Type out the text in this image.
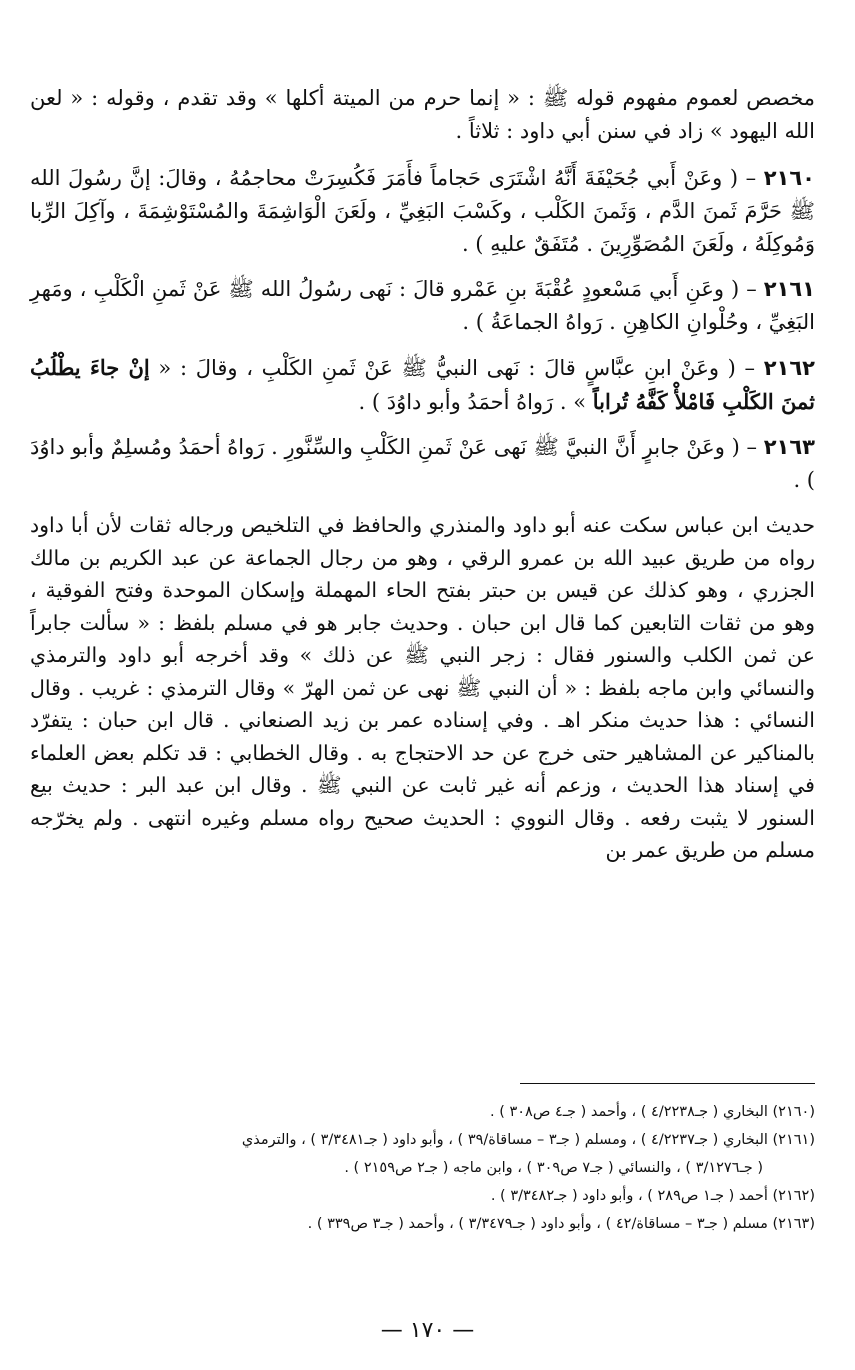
مخصص لعموم مفهوم قوله ﷺ : « إنما حرم من الميتة أكلها » وقد تقدم ، وقوله : « لعن الله اليهود » زاد في سنن أبي داود : ثلاثاً .

٢١٦٠ – ( وعَنْ أَبي جُحَيْفَةَ أَنَّهُ اشْتَرَى حَجاماً فأَمَرَ فَكُسِرَتْ محاجمُهُ ، وقالَ: إنَّ رسُولَ الله ﷺ حَرَّمَ ثَمنَ الدَّم ، وَثَمنَ الكَلْب ، وكَسْبَ البَغِيِّ ، ولَعَنَ الْوَاشِمَةَ والمُسْتَوْشِمَةَ ، وآكِلَ الرِّبا وَمُوكِلَهُ ، ولَعَنَ المُصَوِّرِينَ . مُتَفَقٌ عليهِ ) .

٢١٦١ – ( وعَنِ أَبي مَسْعودٍ عُقْبَةَ بنِ عَمْرو قالَ : نَهى رسُولُ الله ﷺ عَنْ ثَمنِ الْكَلْبِ ، ومَهرِ البَغِيِّ ، وحُلْوانِ الكاهِنِ . رَواهُ الجماعَةُ ) .

٢١٦٢ – ( وعَنْ ابنِ عبَّاسٍ قالَ : نَهى النبيُّ ﷺ عَنْ ثَمنِ الكَلْبِ ، وقالَ : « إنْ جاءَ يطْلُبُ ثمنَ الكَلْبِ فَامْلأْ كَفَّهُ تُراباً » . رَواهُ أحمَدُ وأبو داوُدَ ) .

٢١٦٣ – ( وعَنْ جابرٍ أَنَّ النبيَّ ﷺ نَهى عَنْ ثَمنِ الكَلْبِ والسِّنَّورِ . رَواهُ أحمَدُ ومُسلِمٌ وأبو داوُدَ ) .

حديث ابن عباس سكت عنه أبو داود والمنذري والحافظ في التلخيص ورجاله ثقات لأن أبا داود رواه من طريق عبيد الله بن عمرو الرقي ، وهو من رجال الجماعة عن عبد الكريم بن مالك الجزري ، وهو كذلك عن قيس بن حبتر بفتح الحاء المهملة وإسكان الموحدة وفتح الفوقية ، وهو من ثقات التابعين كما قال ابن حبان . وحديث جابر هو في مسلم بلفظ : « سألت جابراً عن ثمن الكلب والسنور فقال : زجر النبي ﷺ عن ذلك » وقد أخرجه أبو داود والترمذي والنسائي وابن ماجه بلفظ : « أن النبي ﷺ نهى عن ثمن الهرّ » وقال الترمذي : غريب . وقال النسائي : هذا حديث منكر اهـ . وفي إسناده عمر بن زيد الصنعاني . قال ابن حبان : يتفرّد بالمناكير عن المشاهير حتى خرج عن حد الاحتجاج به . وقال الخطابي : قد تكلم بعض العلماء في إسناد هذا الحديث ، وزعم أنه غير ثابت عن النبي ﷺ . وقال ابن عبد البر : حديث بيع السنور لا يثبت رفعه . وقال النووي : الحديث صحيح رواه مسلم وغيره انتهى . ولم يخرّجه مسلم من طريق عمر بن

(٢١٦٠) البخاري ( جـ٤/٢٢٣٨ ) ، وأحمد ( جـ٤ ص٣٠٨ ) .

(٢١٦١) البخاري ( جـ٤/٢٢٣٧ ) ، ومسلم ( جـ٣ – مساقاة/٣٩ ) ، وأبو داود ( جـ٣/٣٤٨١ ) ، والترمذي

( جـ٣/١٢٧٦ ) ، والنسائي ( جـ٧ ص٣٠٩ ) ، وابن ماجه ( جـ٢ ص٢١٥٩ ) .

(٢١٦٢) أحمد ( جـ١ ص٢٨٩ ) ، وأبو داود ( جـ٣/٣٤٨٢ ) .

(٢١٦٣) مسلم ( جـ٣ – مساقاة/٤٢ ) ، وأبو داود ( جـ٣/٣٤٧٩ ) ، وأحمد ( جـ٣ ص٣٣٩ ) .

— ١٧٠ —
